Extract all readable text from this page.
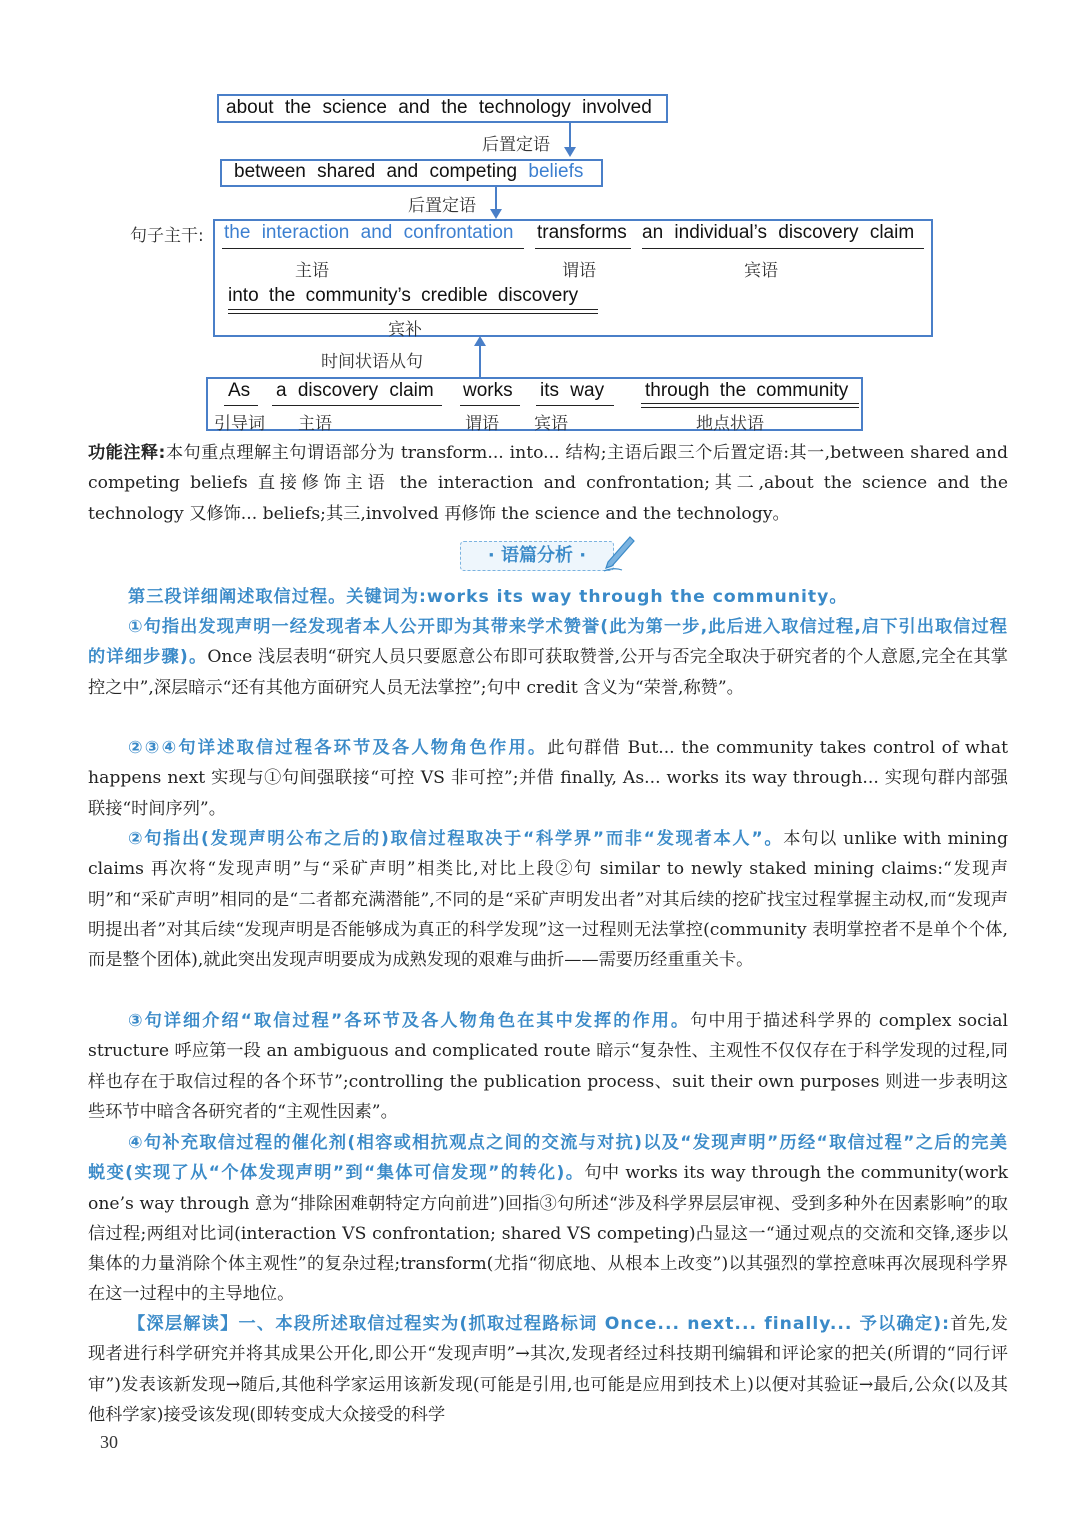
about the science and the technology involved
后置定语
between shared and competing beliefs
后置定语
句子主干: the interaction and confrontation transforms an individual’s discovery claim
主语	谓语	宾语
into the community’s credible discovery
宾补
时间状语从句
As a discovery claim works its way through the community
引导词 主语	谓语 宾语	地点状语
功能注释:本句重点理解主句谓语部分为 transform... into... 结构;主语后跟三个后置定语:其一,between shared and competing beliefs 直接修饰主语 the interaction and confrontation;其二,about the science and the technology 又修饰... beliefs;其三,involved 再修饰 the science and the technology。
· 语篇分析 ·
第三段详细阐述取信过程。关键词为:works its way through the community。
①句指出发现声明一经发现者本人公开即为其带来学术赞誉(此为第一步,此后进入取信过程,启下引出取信过程的详细步骤)。Once 浅层表明“研究人员只要愿意公布即可获取赞誉,公开与否完全取决于研究者的个人意愿,完全在其掌控之中”,深层暗示“还有其他方面研究人员无法掌控”;句中 credit 含义为“荣誉,称赞”。
②③④句详述取信过程各环节及各人物角色作用。此句群借 But... the community takes control of what happens next 实现与①句间强联接“可控 VS 非可控”;并借 finally, As... works its way through... 实现句群内部强联接“时间序列”。
②句指出(发现声明公布之后的)取信过程取决于“科学界”而非“发现者本人”。本句以 unlike with mining claims 再次将“发现声明”与“采矿声明”相类比,对比上段②句 similar to newly staked mining claims:“发现声明”和“采矿声明”相同的是“二者都充满潜能”,不同的是“采矿声明发出者”对其后续的挖矿找宝过程掌握主动权,而“发现声明提出者”对其后续“发现声明是否能够成为真正的科学发现”这一过程则无法掌控(community 表明掌控者不是单个个体,而是整个团体),就此突出发现声明要成为成熟发现的艰难与曲折——需要历经重重关卡。
③句详细介绍“取信过程”各环节及各人物角色在其中发挥的作用。句中用于描述科学界的 complex social structure 呼应第一段 an ambiguous and complicated route 暗示“复杂性、主观性不仅仅存在于科学发现的过程,同样也存在于取信过程的各个环节”;controlling the publication process、suit their own purposes 则进一步表明这些环节中暗含各研究者的“主观性因素”。
④句补充取信过程的催化剂(相容或相抗观点之间的交流与对抗)以及“发现声明”历经“取信过程”之后的完美蜕变(实现了从“个体发现声明”到“集体可信发现”的转化)。句中 works its way through the community(work one’s way through 意为“排除困难朝特定方向前进”)回指③句所述“涉及科学界层层审视、受到多种外在因素影响”的取信过程;两组对比词(interaction VS confrontation; shared VS competing)凸显这一“通过观点的交流和交锋,逐步以集体的力量消除个体主观性”的复杂过程;transform(尤指“彻底地、从根本上改变”)以其强烈的掌控意味再次展现科学界在这一过程中的主导地位。
【深层解读】一、本段所述取信过程实为(抓取过程路标词 Once... next... finally... 予以确定):首先,发现者进行科学研究并将其成果公开化,即公开“发现声明”→其次,发现者经过科技期刊编辑和评论家的把关(所谓的“同行评审”)发表该新发现→随后,其他科学家运用该新发现(可能是引用,也可能是应用到技术上)以便对其验证→最后,公众(以及其他科学家)接受该发现(即转变成大众接受的科学
30
